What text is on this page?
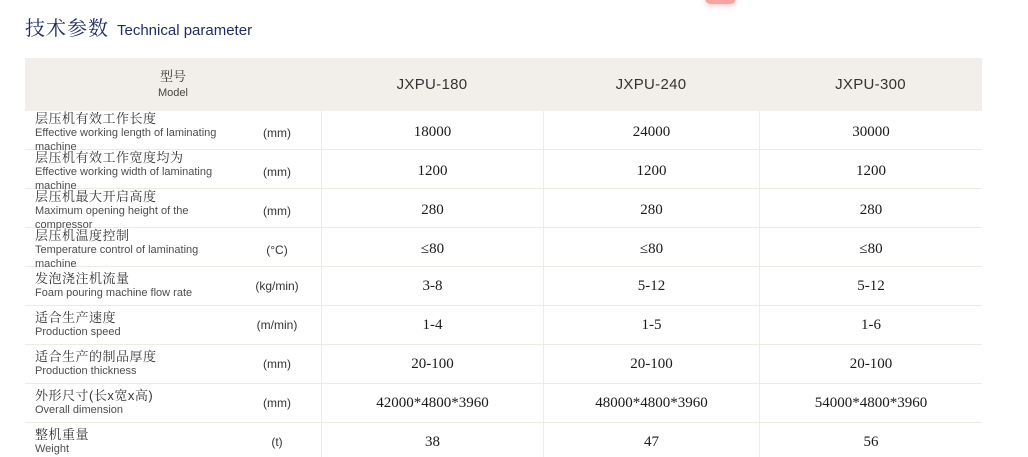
技术参数 Technical parameter
型号
Model	JXPU-180	JXPU-240	JXPU-300
层压机有效工作长度
Effective working length of laminating machine
(mm)	18000	24000	30000
层压机有效工作宽度均为
Effective working width of laminating machine
(mm)	1200	1200	1200
层压机最大开启高度
Maximum opening height of the compressor
(mm)	280	280	280
层压机温度控制
Temperature control of laminating machine
(°C)	≤80	≤80	≤80
发泡浇注机流量
Foam pouring machine flow rate
(kg/min)	3-8	5-12	5-12
适合生产速度
Production speed
(m/min)	1-4	1-5	1-6
适合生产的制品厚度
Production thickness
(mm)	20-100	20-100	20-100
外形尺寸(长x宽x高)
Overall dimension
(mm)	42000*4800*3960	48000*4800*3960	54000*4800*3960
整机重量
Weight
(t)	38	47	56
